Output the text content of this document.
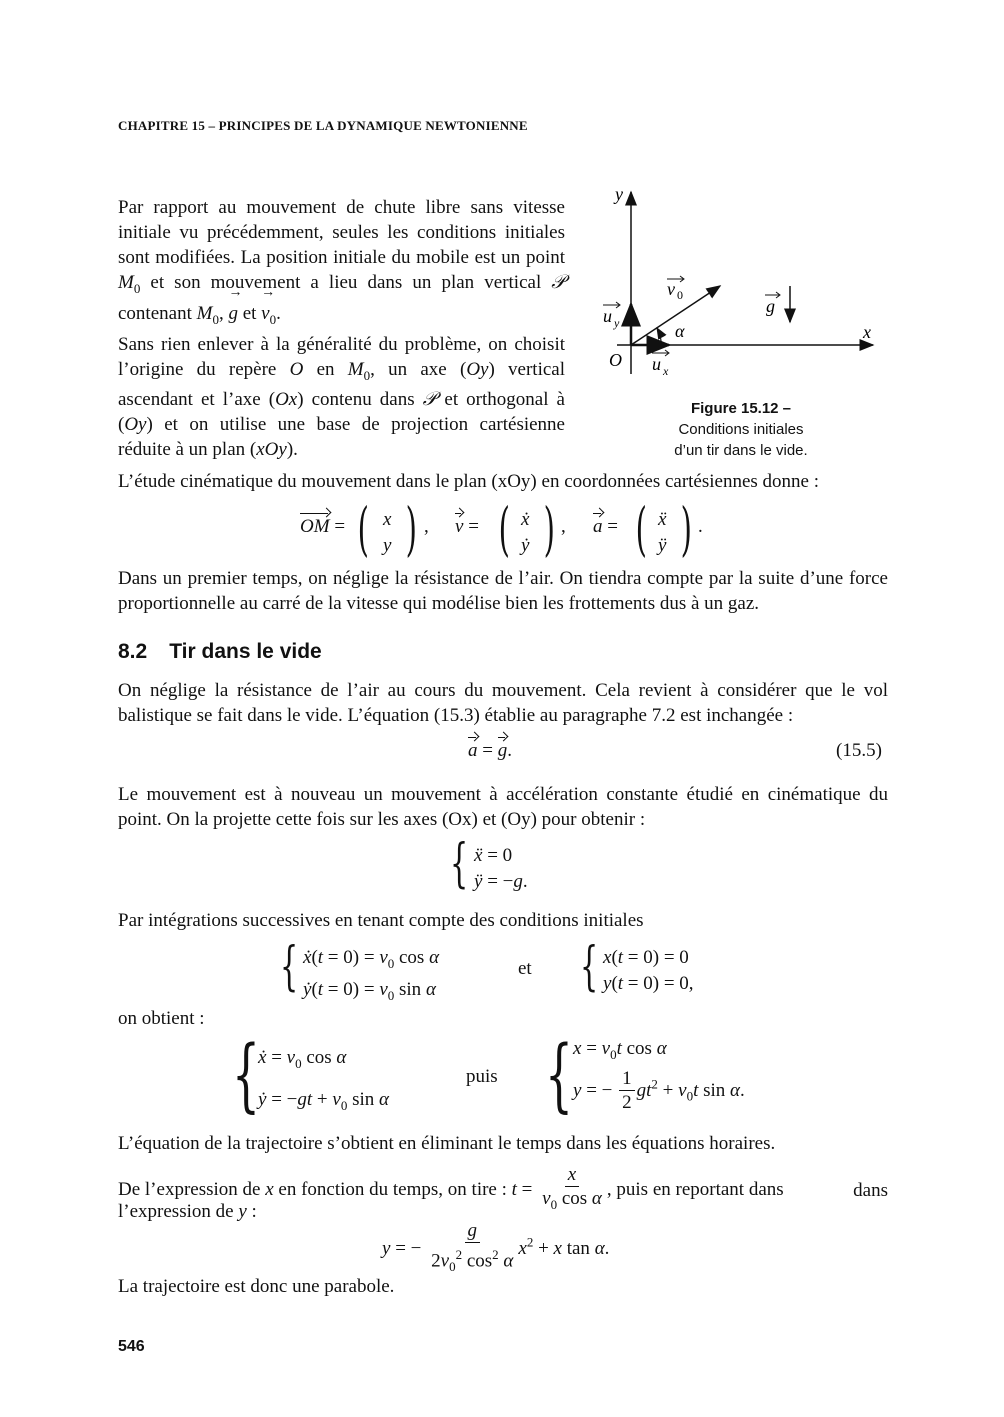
CHAPITRE 15 – PRINCIPES DE LA DYNAMIQUE NEWTONIENNE
Par rapport au mouvement de chute libre sans vitesse initiale vu précédemment, seules les conditions initiales sont modifiées. La position initiale du mobile est un point $M_0$ et son mouvement a lieu dans un plan vertical 𝒫 contenant $M_0$, → g et → $v_0$.
Sans rien enlever à la généralité du problème, on choisit l’origine du repère O en $M_0$, un axe (Oy) vertical ascendant et l’axe (Ox) contenu dans 𝒫 et orthogonal à (Oy) et on utilise une base de projection cartésienne réduite à un plan (xOy).
y
x
O
α
v 0
g
u y
u x
Figure 15.12 –
Conditions initiales
d’un tir dans le vide.
L’étude cinématique du mouvement dans le plan (xOy) en coordonnées cartésiennes donne :
OM = ( x
y ) , v = ( ẋ
ẏ ) , a = ( ẍ
ÿ ) .
Dans un premier temps, on néglige la résistance de l’air. On tiendra compte par la suite d’une force proportionnelle au carré de la vitesse qui modélise bien les frottements dus à un gaz.
8.2 Tir dans le vide
On néglige la résistance de l’air au cours du mouvement. Cela revient à considérer que le vol balistique se fait dans le vide. L’équation (15.3) établie au paragraphe 7.2 est inchangée :
a = g.	(15.5)
Le mouvement est à nouveau un mouvement à accélération constante étudié en cinématique du point. On la projette cette fois sur les axes (Ox) et (Oy) pour obtenir :
{ ẍ = 0
ÿ = −g.
Par intégrations successives en tenant compte des conditions initiales
{ ẋ(t = $0) = v_0$ cos α
ẏ(t = $0) = v_0$ sin α
et { x(t = 0) = 0
y(t = 0) = 0,
on obtient :
{
ẋ = $v_0$ cos α
ẏ = $-gt + v_0$ sin α
puis { $x = v_0t$ cos α
y = − $\frac{1}{2} gt^2 + v_0t$ sin α.
L’équation de la trajectoire s’obtient en éliminant le temps dans les équations horaires.
De l’expression de x en fonction du temps, on tire : $t = \frac{x}{v_0 \cos \alpha}$ , puis en reportant dans	dans
l’expression de y :
y = − $\frac{g}{2v_0^2 \cos^2 \alpha} x^2 + x$ tan α.
La trajectoire est donc une parabole.
546
